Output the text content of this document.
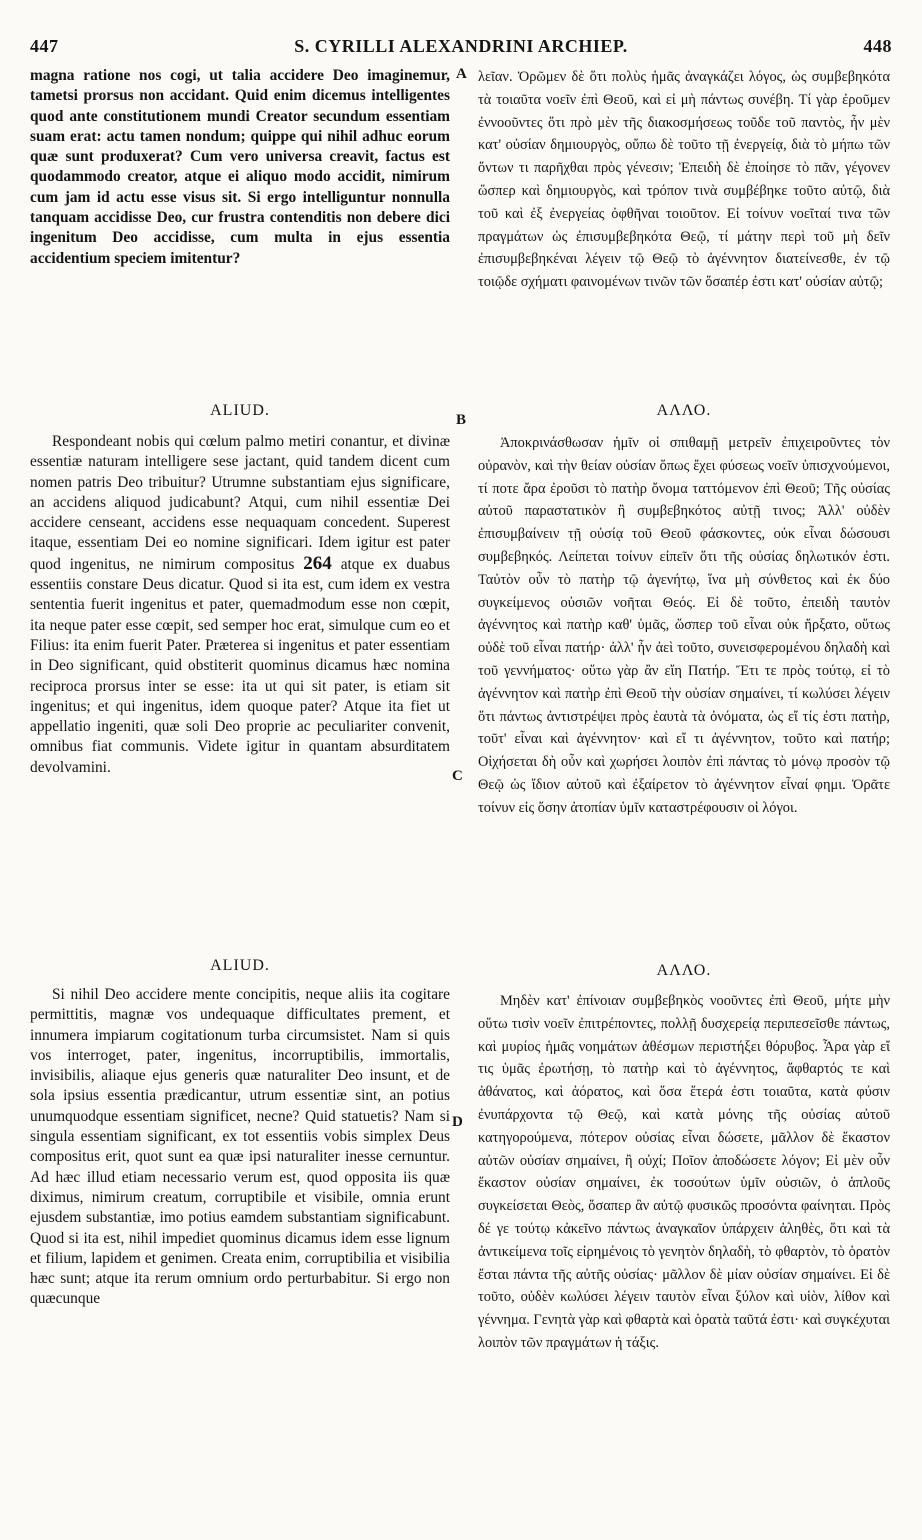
447	S. CYRILLI ALEXANDRINI ARCHIEP.	448

magna ratione nos cogi, ut talia accidere Deo imaginemur, tametsi prorsus non accidant. Quid enim dicemus intelligentes quod ante constitutionem mundi Creator secundum essentiam suam erat: actu tamen nondum; quippe qui nihil adhuc eorum quæ sunt produxerat? Cum vero universa creavit, factus est quodammodo creator, atque ei aliquo modo accidit, nimirum cum jam id actu esse visus sit. Si ergo intelliguntur nonnulla tanquam accidisse Deo, cur frustra contenditis non debere dici ingenitum Deo accidisse, cum multa in ejus essentia accidentium speciem imitentur?

ALIUD.

Respondeant nobis qui cœlum palmo metiri conantur, et divinæ essentiæ naturam intelligere sese jactant, quid tandem dicent cum nomen patris Deo tribuitur? Utrumne substantiam ejus significare, an accidens aliquod judicabunt? Atqui, cum nihil essentiæ Dei accidere censeant, accidens esse nequaquam concedent. Superest itaque, essentiam Dei eo nomine significari. Idem igitur est pater quod ingenitus, ne nimirum compositus 264 atque ex duabus essentiis constare Deus dicatur. Quod si ita est, cum idem ex vestra sententia fuerit ingenitus et pater, quemadmodum esse non cœpit, ita neque pater esse cœpit, sed semper hoc erat, simulque cum eo et Filius: ita enim fuerit Pater. Præterea si ingenitus et pater essentiam in Deo significant, quid obstiterit quominus dicamus hæc nomina reciproca prorsus inter se esse: ita ut qui sit pater, is etiam sit ingenitus; et qui ingenitus, idem quoque pater? Atque ita fiet ut appellatio ingeniti, quæ soli Deo proprie ac peculiariter convenit, omnibus fiat communis. Videte igitur in quantam absurditatem devolvamini.

ALIUD.

Si nihil Deo accidere mente concipitis, neque aliis ita cogitare permittitis, magnæ vos undequaque difficultates prement, et innumera impiarum cogitationum turba circumsistet. Nam si quis vos interroget, pater, ingenitus, incorruptibilis, immortalis, invisibilis, aliaque ejus generis quæ naturaliter Deo insunt, et de sola ipsius essentia prædicantur, utrum essentiæ sint, an potius unumquodque essentiam significet, necne? Quid statuetis? Nam si singula essentiam significant, ex tot essentiis vobis simplex Deus compositus erit, quot sunt ea quæ ipsi naturaliter inesse cernuntur. Ad hæc illud etiam necessario verum est, quod opposita iis quæ diximus, nimirum creatum, corruptibile et visibile, omnia erunt ejusdem substantiæ, imo potius eamdem substantiam significabunt. Quod si ita est, nihil impediet quominus dicamus idem esse lignum et filium, lapidem et genimen. Creata enim, corruptibilia et visibilia hæc sunt; atque ita rerum omnium ordo perturbabitur. Si ergo non quæcunque

A
B
C
D

λεῖαν. Ὁρῶμεν δὲ ὅτι πολὺς ἡμᾶς ἀναγκάζει λόγος, ὡς συμβεβηκότα τὰ τοιαῦτα νοεῖν ἐπὶ Θεοῦ, καὶ εἰ μὴ πάντως συνέβη. Τί γὰρ ἐροῦμεν ἐννοοῦντες ὅτι πρὸ μὲν τῆς διακοσμήσεως τοῦδε τοῦ παντὸς, ἦν μὲν κατ' οὐσίαν δημιουργὸς, οὔπω δὲ τοῦτο τῇ ἐνεργείᾳ, διὰ τὸ μήπω τῶν ὄντων τι παρῆχθαι πρὸς γένεσιν; Ἐπειδὴ δὲ ἐποίησε τὸ πᾶν, γέγονεν ὥσπερ καὶ δημιουργὸς, καὶ τρόπον τινὰ συμβέβηκε τοῦτο αὐτῷ, διὰ τοῦ καὶ ἐξ ἐνεργείας ὀφθῆναι τοιοῦτον. Εἰ τοίνυν νοεῖταί τινα τῶν πραγμάτων ὡς ἐπισυμβεβηκότα Θεῷ, τί μάτην περὶ τοῦ μὴ δεῖν ἐπισυμβεβηκέναι λέγειν τῷ Θεῷ τὸ ἀγέννητον διατείνεσθε, ἐν τῷ τοιῷδε σχήματι φαινομένων τινῶν τῶν ὅσαπέρ ἐστι κατ' οὐσίαν αὐτῷ;

ΑΛΛΟ.

Ἀποκρινάσθωσαν ἡμῖν οἱ σπιθαμῇ μετρεῖν ἐπιχειροῦντες τὸν οὐρανὸν, καὶ τὴν θείαν οὐσίαν ὅπως ἔχει φύσεως νοεῖν ὑπισχνούμενοι, τί ποτε ἄρα ἐροῦσι τὸ πατὴρ ὄνομα ταττόμενον ἐπὶ Θεοῦ; Τῆς οὐσίας αὐτοῦ παραστατικὸν ἢ συμβεβηκότος αὐτῇ τινος; Ἀλλ' οὐδὲν ἐπισυμβαίνειν τῇ οὐσίᾳ τοῦ Θεοῦ φάσκοντες, οὐκ εἶναι δώσουσι συμβεβηκός. Λείπεται τοίνυν εἰπεῖν ὅτι τῆς οὐσίας δηλωτικόν ἐστι. Ταὐτὸν οὖν τὸ πατὴρ τῷ ἀγενήτῳ, ἵνα μὴ σύνθετος καὶ ἐκ δύο συγκείμενος οὐσιῶν νοῆται Θεός. Εἰ δὲ τοῦτο, ἐπειδὴ ταυτὸν ἀγέννητος καὶ πατὴρ καθ' ὑμᾶς, ὥσπερ τοῦ εἶναι οὐκ ἤρξατο, οὕτως οὐδὲ τοῦ εἶναι πατήρ· ἀλλ' ἦν ἀεὶ τοῦτο, συνεισφερομένου δηλαδὴ καὶ τοῦ γεννήματος· οὕτω γὰρ ἂν εἴη Πατήρ. Ἔτι τε πρὸς τούτῳ, εἰ τὸ ἀγέννητον καὶ πατὴρ ἐπὶ Θεοῦ τὴν οὐσίαν σημαίνει, τί κωλύσει λέγειν ὅτι πάντως ἀντιστρέψει πρὸς ἑαυτὰ τὰ ὀνόματα, ὡς εἴ τίς ἐστι πατὴρ, τοῦτ' εἶναι καὶ ἀγέννητον· καὶ εἴ τι ἀγέννητον, τοῦτο καὶ πατήρ; Οἰχήσεται δὴ οὖν καὶ χωρήσει λοιπὸν ἐπὶ πάντας τὸ μόνῳ προσὸν τῷ Θεῷ ὡς ἴδιον αὐτοῦ καὶ ἐξαίρετον τὸ ἀγέννητον εἶναί φημι. Ὁρᾶτε τοίνυν εἰς ὅσην ἀτοπίαν ὑμῖν καταστρέφουσιν οἱ λόγοι.

ΑΛΛΟ.

Μηδὲν κατ' ἐπίνοιαν συμβεβηκὸς νοοῦντες ἐπὶ Θεοῦ, μήτε μὴν οὕτω τισὶν νοεῖν ἐπιτρέποντες, πολλῇ δυσχερείᾳ περιπεσεῖσθε πάντως, καὶ μυρίος ἡμᾶς νοημάτων ἀθέσμων περιστήξει θόρυβος. Ἆρα γὰρ εἴ τις ὑμᾶς ἐρωτήσῃ, τὸ πατὴρ καὶ τὸ ἀγέννητος, ἄφθαρτός τε καὶ ἀθάνατος, καὶ ἀόρατος, καὶ ὅσα ἕτερά ἐστι τοιαῦτα, κατὰ φύσιν ἐνυπάρχοντα τῷ Θεῷ, καὶ κατὰ μόνης τῆς οὐσίας αὐτοῦ κατηγορούμενα, πότερον οὐσίας εἶναι δώσετε, μᾶλλον δὲ ἕκαστον αὐτῶν οὐσίαν σημαίνει, ἢ οὐχί; Ποῖον ἀποδώσετε λόγον; Εἰ μὲν οὖν ἕκαστον οὐσίαν σημαίνει, ἐκ τοσούτων ὑμῖν οὐσιῶν, ὁ ἁπλοῦς συγκείσεται Θεὸς, ὅσαπερ ἂν αὐτῷ φυσικῶς προσόντα φαίνηται. Πρὸς δέ γε τούτῳ κἀκεῖνο πάντως ἀναγκαῖον ὑπάρχειν ἀληθὲς, ὅτι καὶ τὰ ἀντικείμενα τοῖς εἰρημένοις τὸ γενητὸν δηλαδὴ, τὸ φθαρτὸν, τὸ ὁρατὸν ἔσται πάντα τῆς αὐτῆς οὐσίας· μᾶλλον δὲ μίαν οὐσίαν σημαίνει. Εἰ δὲ τοῦτο, οὐδὲν κωλύσει λέγειν ταυτὸν εἶναι ξύλον καὶ υἱὸν, λίθον καὶ γέννημα. Γενητὰ γὰρ καὶ φθαρτὰ καὶ ὁρατὰ ταῦτά ἐστι· καὶ συγκέχυται λοιπὸν τῶν πραγμάτων ἡ τάξις.
